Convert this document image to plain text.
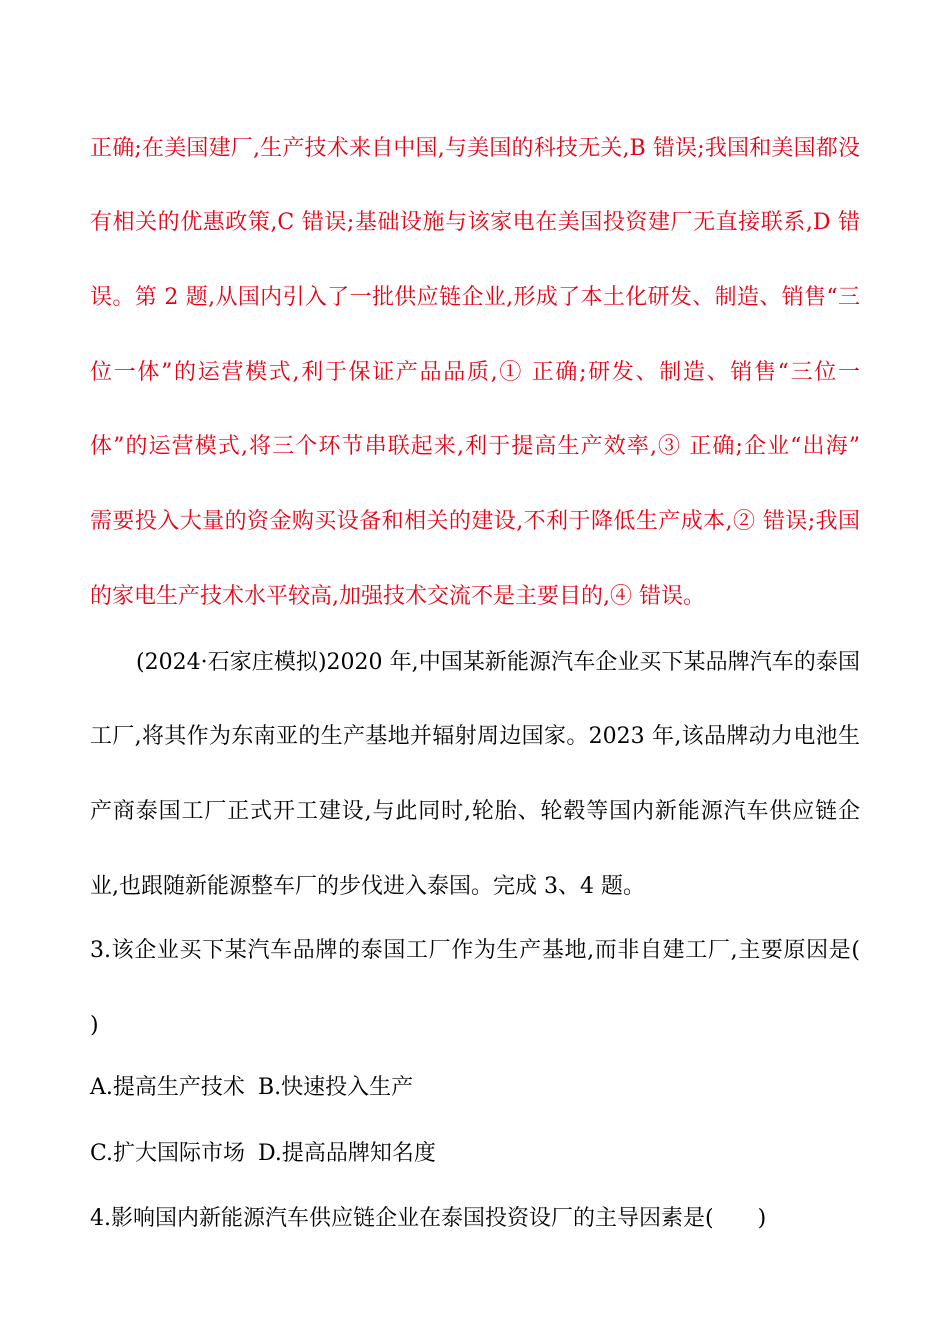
正确;在美国建厂,生产技术来自中国,与美国的科技无关,B 错误;我国和美国都没
有相关的优惠政策,C 错误;基础设施与该家电在美国投资建厂无直接联系,D 错
误。第 2 题,从国内引入了一批供应链企业,形成了本土化研发、制造、销售“三
位一体”的运营模式,利于保证产品品质,① 正确;研发、制造、销售“三位一
体”的运营模式,将三个环节串联起来,利于提高生产效率,③ 正确;企业“出海”
需要投入大量的资金购买设备和相关的建设,不利于降低生产成本,② 错误;我国
的家电生产技术水平较高,加强技术交流不是主要目的,④ 错误。
(2024·石家庄模拟)2020 年,中国某新能源汽车企业买下某品牌汽车的泰国
工厂,将其作为东南亚的生产基地并辐射周边国家。2023 年,该品牌动力电池生
产商泰国工厂正式开工建设,与此同时,轮胎、轮毂等国内新能源汽车供应链企
业,也跟随新能源整车厂的步伐进入泰国。完成 3、4 题。
3.该企业买下某汽车品牌的泰国工厂作为生产基地,而非自建工厂,主要原因是(
)
A.提高生产技术 B.快速投入生产
C.扩大国际市场 D.提高品牌知名度
4.影响国内新能源汽车供应链企业在泰国投资设厂的主导因素是(　　)
